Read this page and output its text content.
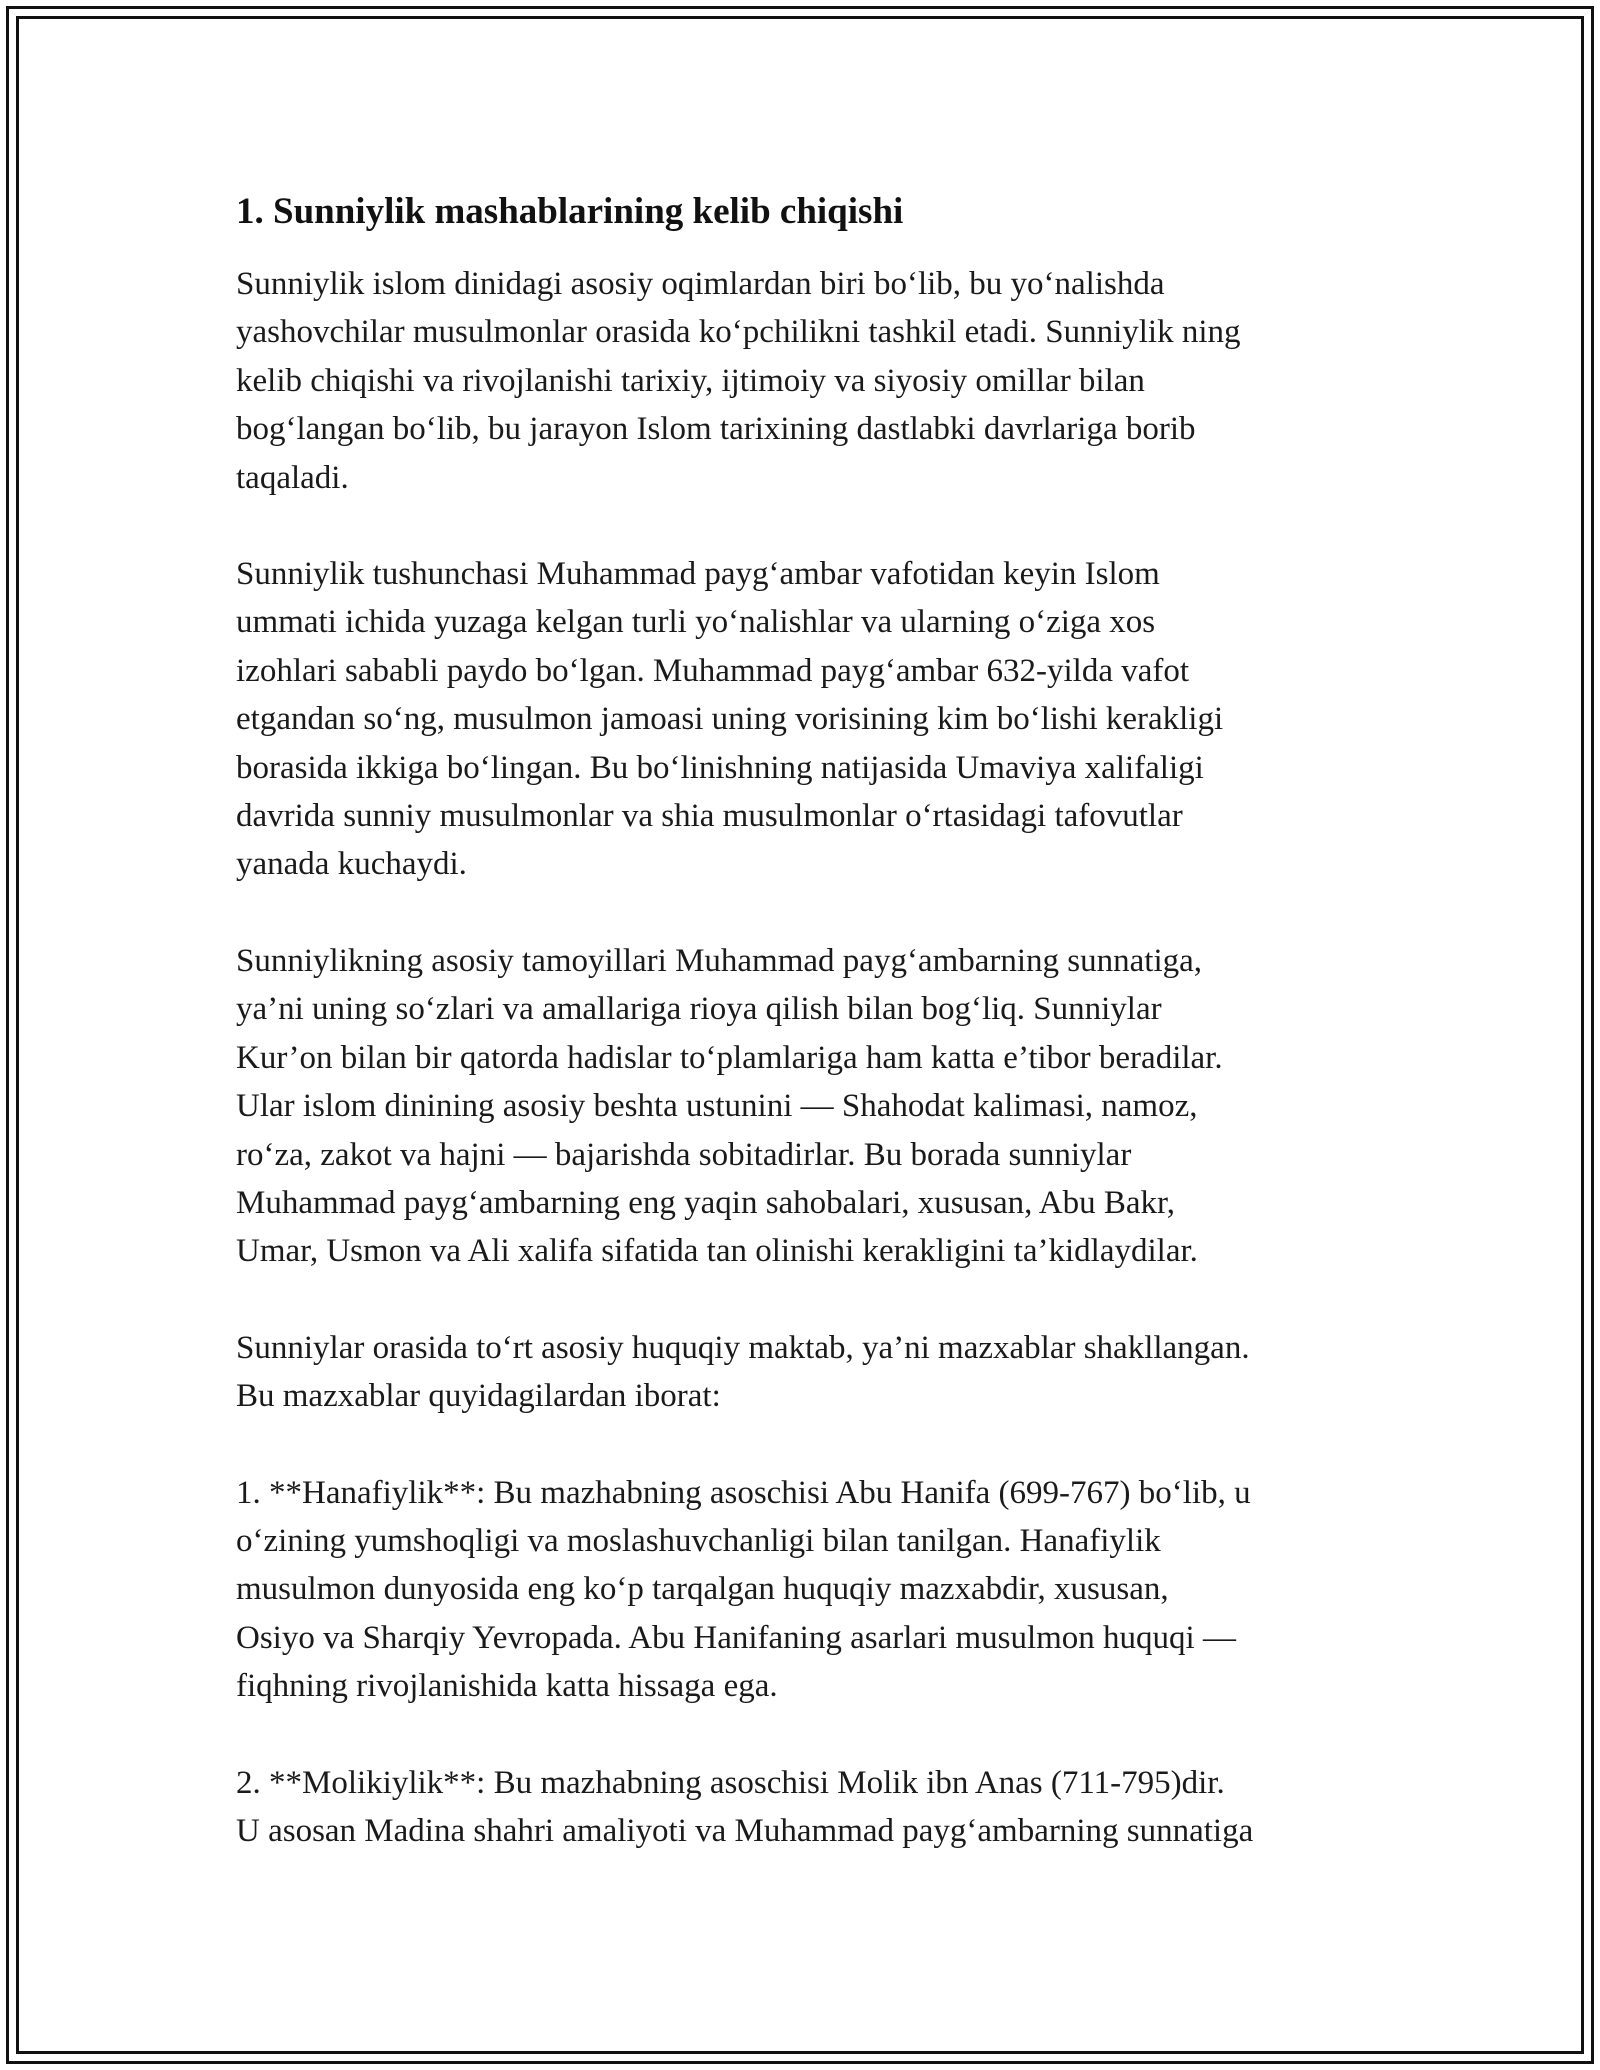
1. Sunniylik mashablarining kelib chiqishi
Sunniylik islom dinidagi asosiy oqimlardan biri bo‘lib, bu yo‘nalishda
yashovchilar musulmonlar orasida ko‘pchilikni tashkil etadi. Sunniylik ning
kelib chiqishi va rivojlanishi tarixiy, ijtimoiy va siyosiy omillar bilan
bog‘langan bo‘lib, bu jarayon Islom tarixining dastlabki davrlariga borib
taqaladi.
Sunniylik tushunchasi Muhammad payg‘ambar vafotidan keyin Islom
ummati ichida yuzaga kelgan turli yo‘nalishlar va ularning o‘ziga xos
izohlari sababli paydo bo‘lgan. Muhammad payg‘ambar 632-yilda vafot
etgandan so‘ng, musulmon jamoasi uning vorisining kim bo‘lishi kerakligi
borasida ikkiga bo‘lingan. Bu bo‘linishning natijasida Umaviya xalifaligi
davrida sunniy musulmonlar va shia musulmonlar o‘rtasidagi tafovutlar
yanada kuchaydi.
Sunniylikning asosiy tamoyillari Muhammad payg‘ambarning sunnatiga,
ya’ni uning so‘zlari va amallariga rioya qilish bilan bog‘liq. Sunniylar
Kur’on bilan bir qatorda hadislar to‘plamlariga ham katta e’tibor beradilar.
Ular islom dinining asosiy beshta ustunini — Shahodat kalimasi, namoz,
ro‘za, zakot va hajni — bajarishda sobitadirlar. Bu borada sunniylar
Muhammad payg‘ambarning eng yaqin sahobalari, xususan, Abu Bakr,
Umar, Usmon va Ali xalifa sifatida tan olinishi kerakligini ta’kidlaydilar.
Sunniylar orasida to‘rt asosiy huquqiy maktab, ya’ni mazxablar shakllangan.
Bu mazxablar quyidagilardan iborat:
1. **Hanafiylik**: Bu mazhabning asoschisi Abu Hanifa (699-767) bo‘lib, u
o‘zining yumshoqligi va moslashuvchanligi bilan tanilgan. Hanafiylik
musulmon dunyosida eng ko‘p tarqalgan huquqiy mazxabdir, xususan,
Osiyo va Sharqiy Yevropada. Abu Hanifaning asarlari musulmon huquqi —
fiqhning rivojlanishida katta hissaga ega.
2. **Molikiylik**: Bu mazhabning asoschisi Molik ibn Anas (711-795)dir.
U asosan Madina shahri amaliyoti va Muhammad payg‘ambarning sunnatiga
